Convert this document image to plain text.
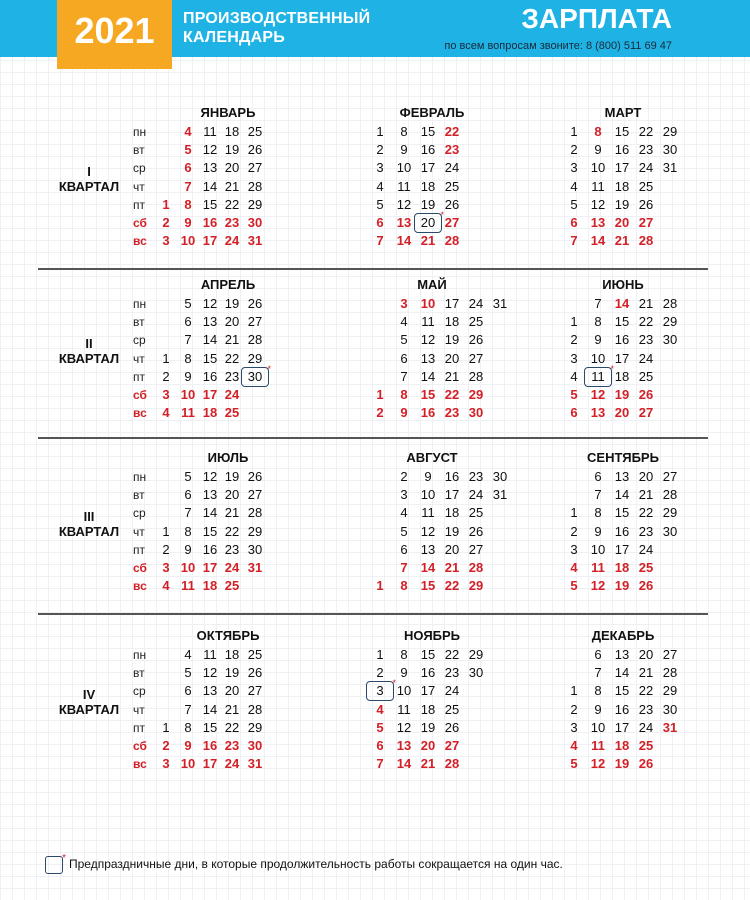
ПРОИЗВОДСТВЕННЫЙ
КАЛЕНДАРЬ
ЗАРПЛАТА
по всем вопросам звоните: 8 (800) 511 69 47
2021
I
КВАРТАЛ
пн
вт
ср
чт
пт
сб
вс
ЯНВАРЬ
1
2
3
4
5
6
7
8
9
10
11
12
13
14
15
16
17
18
19
20
21
22
23
24
25
26
27
28
29
30
31
ФЕВРАЛЬ
1
2
3
4
5
6
7
8
9
10
11
12
13
14
15
16
17
18
19
20 *
21
22
23
24
25
26
27
28
МАРТ
1
2
3
4
5
6
7
8
9
10
11
12
13
14
15
16
17
18
19
20
21
22
23
24
25
26
27
28
29
30
31
II
КВАРТАЛ
пн
вт
ср
чт
пт
сб
вс
АПРЕЛЬ
1
2
3
4
5
6
7
8
9
10
11
12
13
14
15
16
17
18
19
20
21
22
23
24
25
26
27
28
29
30 *
МАЙ
1
2
3
4
5
6
7
8
9
10
11
12
13
14
15
16
17
18
19
20
21
22
23
24
25
26
27
28
29
30
31
ИЮНЬ
1
2
3
4
5
6
7
8
9
10
11 *
12
13
14
15
16
17
18
19
20
21
22
23
24
25
26
27
28
29
30
III
КВАРТАЛ
пн
вт
ср
чт
пт
сб
вс
ИЮЛЬ
1
2
3
4
5
6
7
8
9
10
11
12
13
14
15
16
17
18
19
20
21
22
23
24
25
26
27
28
29
30
31
АВГУСТ
1
2
3
4
5
6
7
8
9
10
11
12
13
14
15
16
17
18
19
20
21
22
23
24
25
26
27
28
29
30
31
СЕНТЯБРЬ
1
2
3
4
5
6
7
8
9
10
11
12
13
14
15
16
17
18
19
20
21
22
23
24
25
26
27
28
29
30
IV
КВАРТАЛ
пн
вт
ср
чт
пт
сб
вс
ОКТЯБРЬ
1
2
3
4
5
6
7
8
9
10
11
12
13
14
15
16
17
18
19
20
21
22
23
24
25
26
27
28
29
30
31
НОЯБРЬ
1
2
3 *
4
5
6
7
8
9
10
11
12
13
14
15
16
17
18
19
20
21
22
23
24
25
26
27
28
29
30
ДЕКАБРЬ
1
2
3
4
5
6
7
8
9
10
11
12
13
14
15
16
17
18
19
20
21
22
23
24
25
26
27
28
29
30
31
*
Предпраздничные дни, в которые продолжительность работы сокращается на один час.
